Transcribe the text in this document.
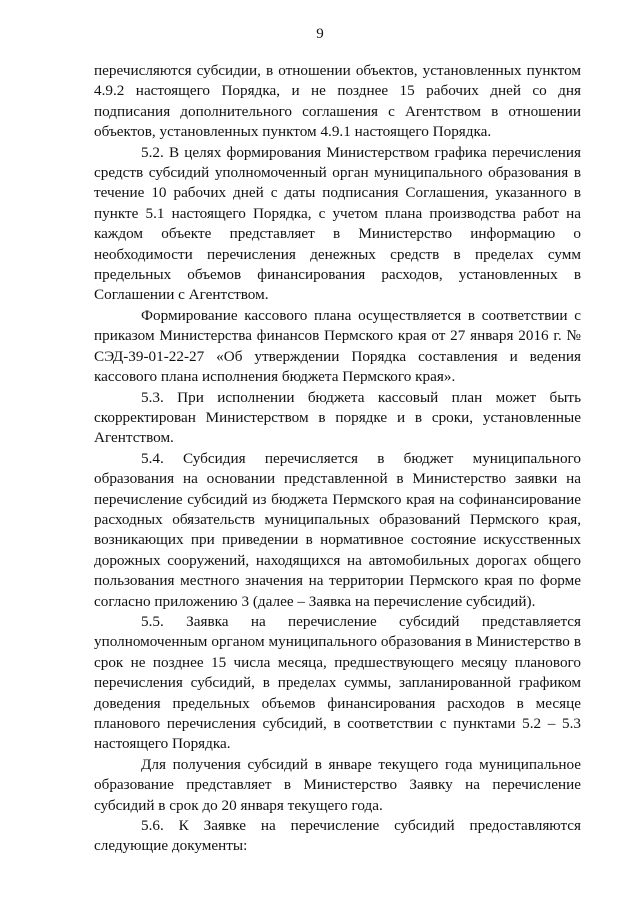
9

перечисляются субсидии, в отношении объектов, установленных пунктом 4.9.2 настоящего Порядка, и не позднее 15 рабочих дней со дня подписания дополнительного соглашения с Агентством в отношении объектов, установленных пунктом 4.9.1 настоящего Порядка.

5.2. В целях формирования Министерством графика перечисления средств субсидий уполномоченный орган муниципального образования в течение 10 рабочих дней с даты подписания Соглашения, указанного в пункте 5.1 настоящего Порядка, с учетом плана производства работ на каждом объекте представляет в Министерство информацию о необходимости перечисления денежных средств в пределах сумм предельных объемов финансирования расходов, установленных в Соглашении с Агентством.

Формирование кассового плана осуществляется в соответствии с приказом Министерства финансов Пермского края от 27 января 2016 г. № СЭД-39-01-22-27 «Об утверждении Порядка составления и ведения кассового плана исполнения бюджета Пермского края».

5.3. При исполнении бюджета кассовый план может быть скорректирован Министерством в порядке и в сроки, установленные Агентством.

5.4. Субсидия перечисляется в бюджет муниципального образования на основании представленной в Министерство заявки на перечисление субсидий из бюджета Пермского края на софинансирование расходных обязательств муниципальных образований Пермского края, возникающих при приведении в нормативное состояние искусственных дорожных сооружений, находящихся на автомобильных дорогах общего пользования местного значения на территории Пермского края по форме согласно приложению 3 (далее – Заявка на перечисление субсидий).

5.5. Заявка на перечисление субсидий представляется уполномоченным органом муниципального образования в Министерство в срок не позднее 15 числа месяца, предшествующего месяцу планового перечисления субсидий, в пределах суммы, запланированной графиком доведения предельных объемов финансирования расходов в месяце планового перечисления субсидий, в соответствии с пунктами 5.2 – 5.3 настоящего Порядка.

Для получения субсидий в январе текущего года муниципальное образование представляет в Министерство Заявку на перечисление субсидий в срок до 20 января текущего года.

5.6. К Заявке на перечисление субсидий предоставляются следующие документы:
